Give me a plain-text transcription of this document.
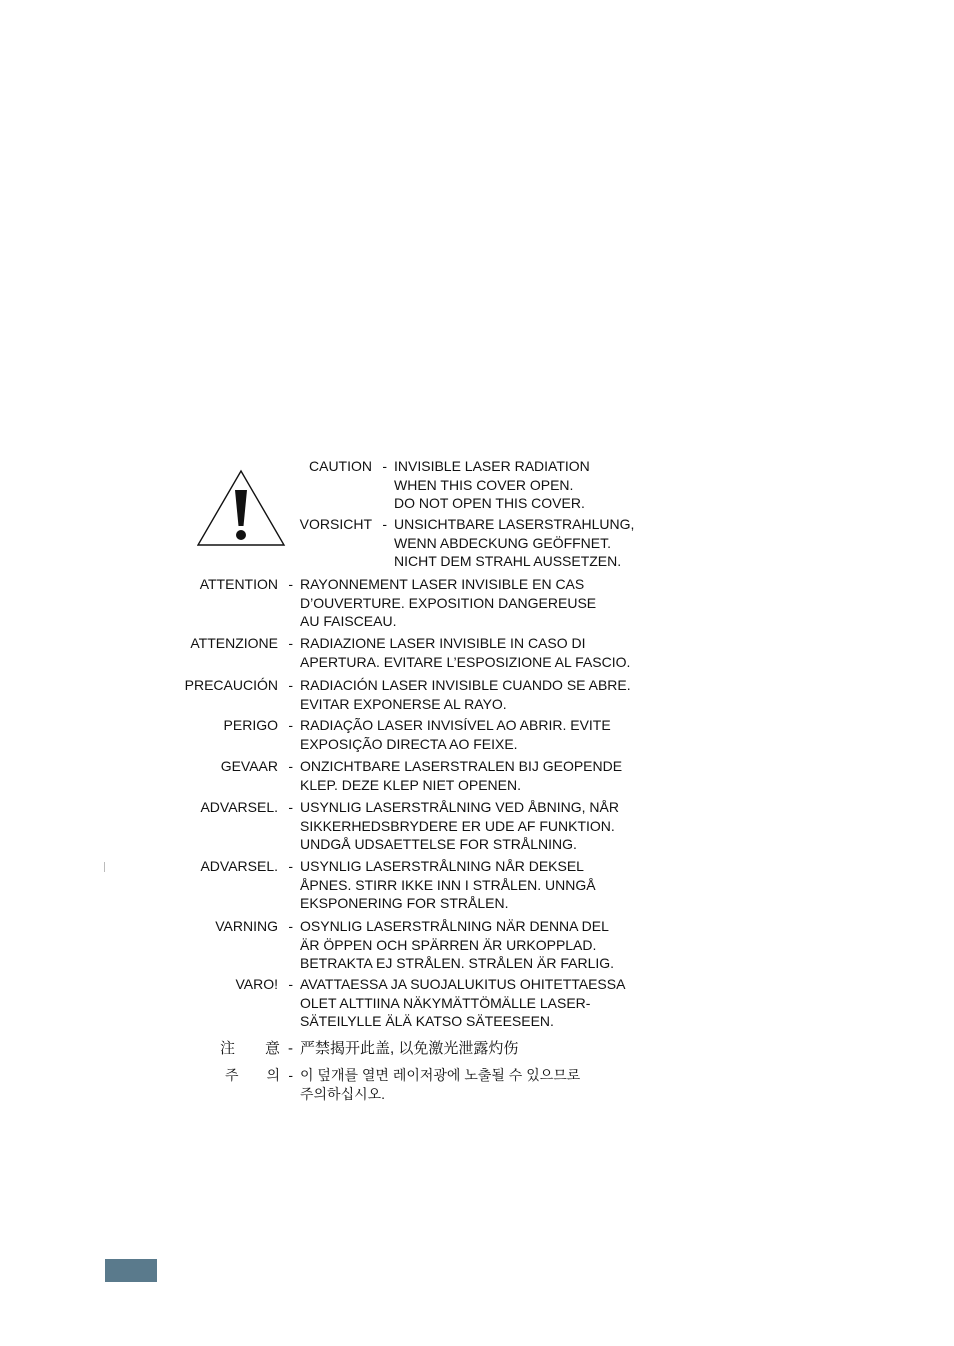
CAUTION - INVISIBLE LASER RADIATION
WHEN THIS COVER OPEN.
DO NOT OPEN THIS COVER.
VORSICHT - UNSICHTBARE LASERSTRAHLUNG,
WENN ABDECKUNG GEÖFFNET.
NICHT DEM STRAHL AUSSETZEN.
ATTENTION - RAYONNEMENT LASER INVISIBLE EN CAS
D’OUVERTURE. EXPOSITION DANGEREUSE
AU FAISCEAU.
ATTENZIONE - RADIAZIONE LASER INVISIBLE IN CASO DI
APERTURA. EVITARE L’ESPOSIZIONE AL FASCIO.
PRECAUCIÓN - RADIACIÓN LASER INVISIBLE CUANDO SE ABRE.
EVITAR EXPONERSE AL RAYO.
PERIGO - RADIAÇÃO LASER INVISÍVEL AO ABRIR. EVITE
EXPOSIÇÃO DIRECTA AO FEIXE.
GEVAAR - ONZICHTBARE LASERSTRALEN BIJ GEOPENDE
KLEP. DEZE KLEP NIET OPENEN.
ADVARSEL. - USYNLIG LASERSTRÅLNING VED ÅBNING, NÅR
SIKKERHEDSBRYDERE ER UDE AF FUNKTION.
UNDGÅ UDSAETTELSE FOR STRÅLNING.
ADVARSEL. - USYNLIG LASERSTRÅLNING NÅR DEKSEL
ÅPNES. STIRR IKKE INN I STRÅLEN. UNNGÅ
EKSPONERING FOR STRÅLEN.
VARNING - OSYNLIG LASERSTRÅLNING NÄR DENNA DEL
ÄR ÖPPEN OCH SPÄRREN ÄR URKOPPLAD.
BETRAKTA EJ STRÅLEN. STRÅLEN ÄR FARLIG.
VARO! - AVATTAESSA JA SUOJALUKITUS OHITETTAESSA
OLET ALTTIINA NÄKYMÄTTÖMÄLLE LASER-
SÄTEILYLLE ÄLÄ KATSO SÄTEESEEN.
注　　意 - 严禁揭开此盖, 以免激光泄露灼伤
주　　의 - 이 덮개를 열면 레이저광에 노출될 수 있으므로
주의하십시오.
